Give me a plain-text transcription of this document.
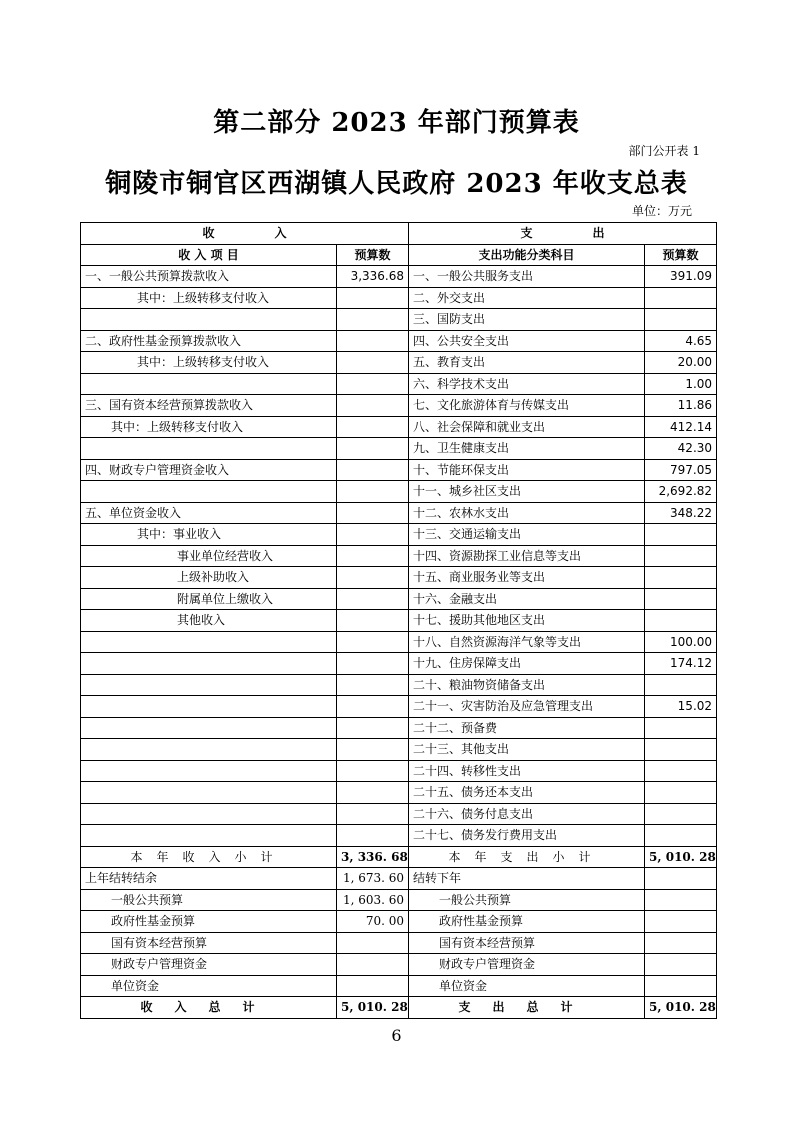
第二部分 2023 年部门预算表
部门公开表 1
铜陵市铜官区西湖镇人民政府 2023 年收支总表
单位：万元
收　　　　　入		支　　　　　出	
收 入 项 目	预算数	支出功能分类科目	预算数
一、一般公共预算拨款收入	3,336.68	一、一般公共服务支出	391.09
其中：上级转移支付收入		二、外交支出	
		三、国防支出	
二、政府性基金预算拨款收入		四、公共安全支出	4.65
其中：上级转移支付收入		五、教育支出	20.00
		六、科学技术支出	1.00
三、国有资本经营预算拨款收入		七、文化旅游体育与传媒支出	11.86
其中：上级转移支付收入		八、社会保障和就业支出	412.14
		九、卫生健康支出	42.30
四、财政专户管理资金收入		十、节能环保支出	797.05
		十一、城乡社区支出	2,692.82
五、单位资金收入		十二、农林水支出	348.22
其中：事业收入		十三、交通运输支出	
事业单位经营收入		十四、资源勘探工业信息等支出	
上级补助收入		十五、商业服务业等支出	
附属单位上缴收入		十六、金融支出	
其他收入		十七、援助其他地区支出	
		十八、自然资源海洋气象等支出	100.00
		十九、住房保障支出	174.12
		二十、粮油物资储备支出	
		二十一、灾害防治及应急管理支出	15.02
		二十二、预备费	
		二十三、其他支出	
		二十四、转移性支出	
		二十五、债务还本支出	
		二十六、债务付息支出	
		二十七、债务发行费用支出	
本年收入小计	3, 336. 68	本年支出小计	5, 010. 28
上年结转结余	1, 673. 60	结转下年	
一般公共预算	1, 603. 60	一般公共预算	
政府性基金预算	70. 00	政府性基金预算	
国有资本经营预算		国有资本经营预算	
财政专户管理资金		财政专户管理资金	
单位资金		单位资金	
收入总计	5, 010. 28	支出总计	5, 010. 28
6
